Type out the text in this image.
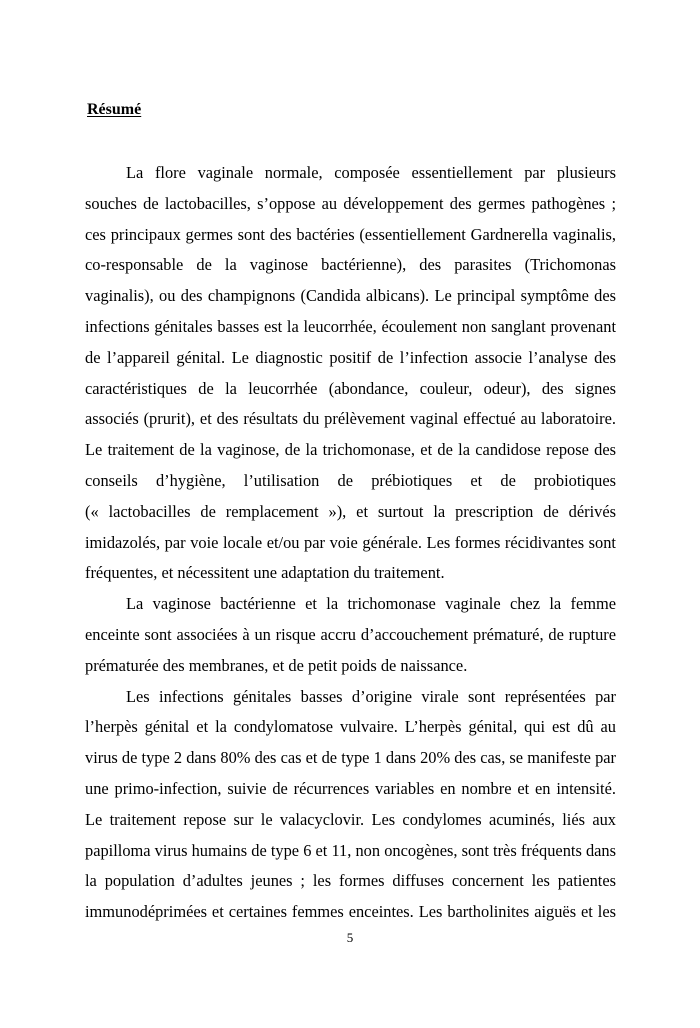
Résumé
La flore vaginale normale, composée essentiellement par plusieurs
souches de lactobacilles, s’oppose au développement des germes pathogènes ;
ces principaux germes sont des bactéries (essentiellement Gardnerella vaginalis,
co-responsable de la vaginose bactérienne), des parasites (Trichomonas
vaginalis), ou des champignons (Candida albicans). Le principal symptôme des
infections génitales basses est la leucorrhée, écoulement non sanglant provenant
de l’appareil génital. Le diagnostic positif de l’infection associe l’analyse des
caractéristiques de la leucorrhée (abondance, couleur, odeur), des signes
associés (prurit), et des résultats du prélèvement vaginal effectué au laboratoire.
Le traitement de la vaginose, de la trichomonase, et de la candidose repose des
conseils d’hygiène, l’utilisation de prébiotiques et de probiotiques
(« lactobacilles de remplacement »), et surtout la prescription de dérivés
imidazolés, par voie locale et/ou par voie générale. Les formes récidivantes sont
fréquentes, et nécessitent une adaptation du traitement.
La vaginose bactérienne et la trichomonase vaginale chez la femme
enceinte sont associées à un risque accru d’accouchement prématuré, de rupture
prématurée des membranes, et de petit poids de naissance.
Les infections génitales basses d’origine virale sont représentées par
l’herpès génital et la condylomatose vulvaire. L’herpès génital, qui est dû au
virus de type 2 dans 80% des cas et de type 1 dans 20% des cas, se manifeste par
une primo-infection, suivie de récurrences variables en nombre et en intensité.
Le traitement repose sur le valacyclovir. Les condylomes acuminés, liés aux
papilloma virus humains de type 6 et 11, non oncogènes, sont très fréquents dans
la population d’adultes jeunes ; les formes diffuses concernent les patientes
immunodéprimées et certaines femmes enceintes. Les bartholinites aiguës et les
5
